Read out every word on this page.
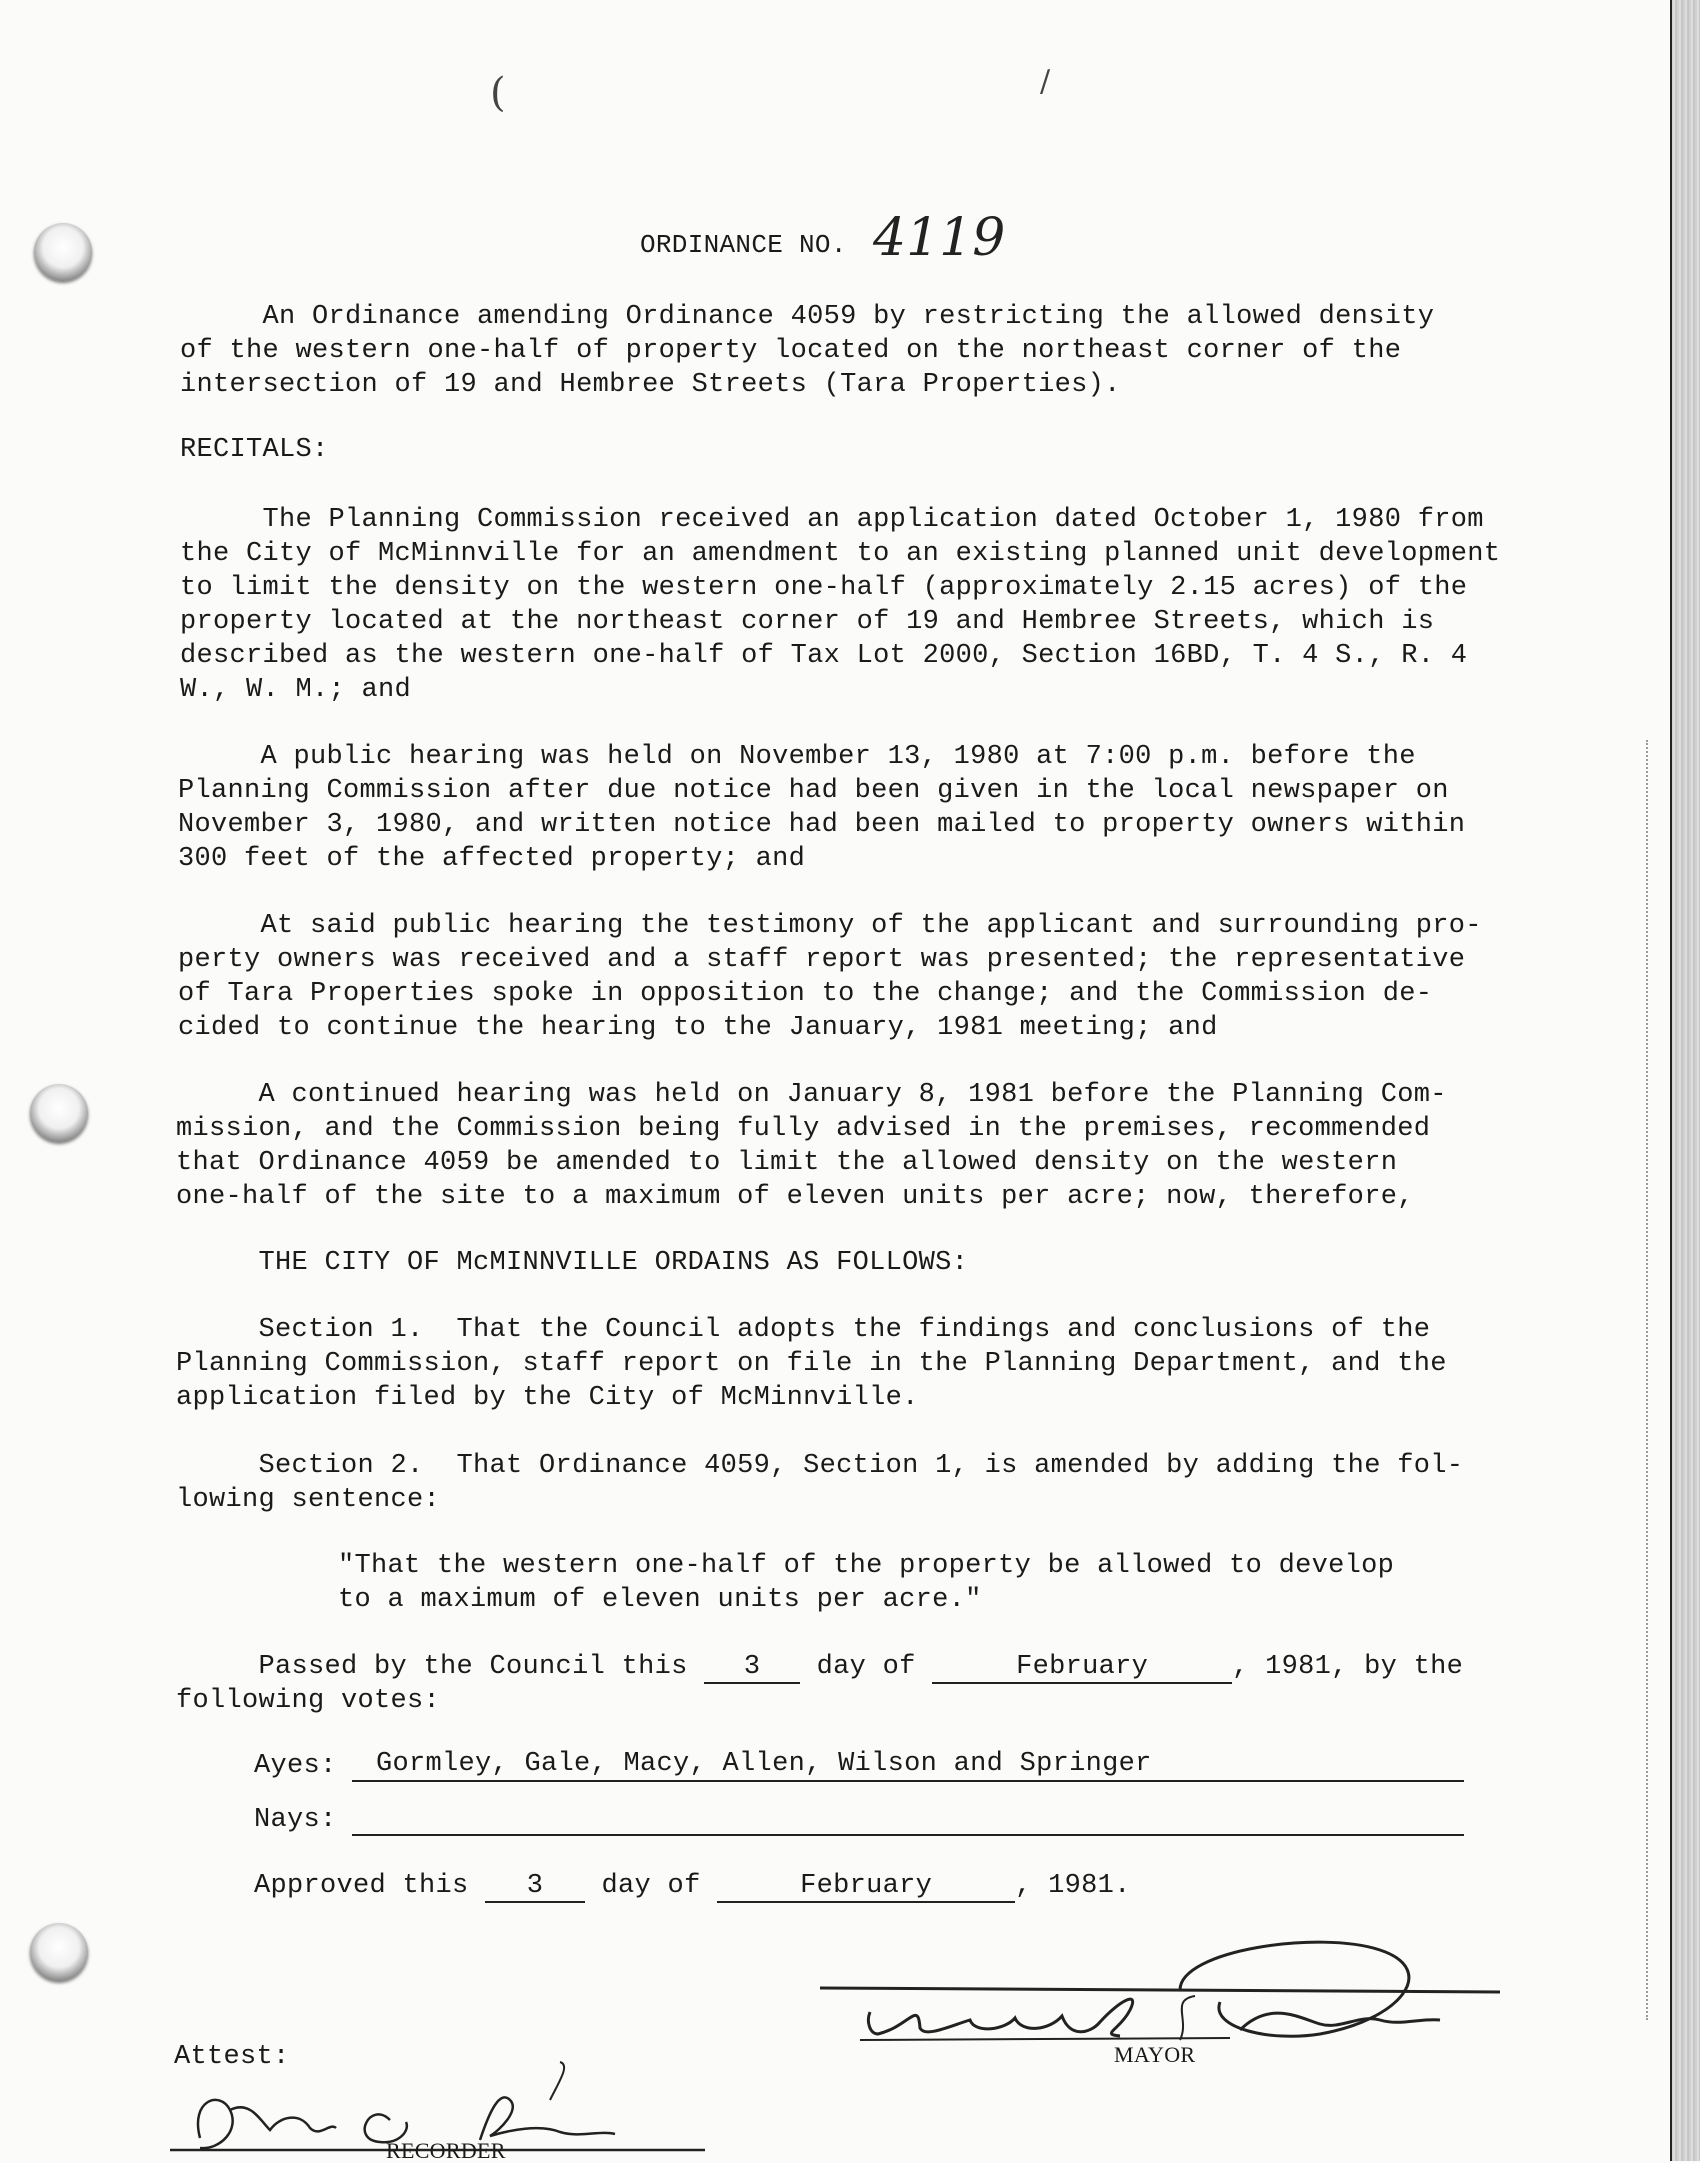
(	/
ORDINANCE NO. 4119
An Ordinance amending Ordinance 4059 by restricting the allowed density
of the western one-half of property located on the northeast corner of the
intersection of 19 and Hembree Streets (Tara Properties).
RECITALS:
The Planning Commission received an application dated October 1, 1980 from
the City of McMinnville for an amendment to an existing planned unit development
to limit the density on the western one-half (approximately 2.15 acres) of the
property located at the northeast corner of 19 and Hembree Streets, which is
described as the western one-half of Tax Lot 2000, Section 16BD, T. 4 S., R. 4
W., W. M.; and
A public hearing was held on November 13, 1980 at 7:00 p.m. before the
Planning Commission after due notice had been given in the local newspaper on
November 3, 1980, and written notice had been mailed to property owners within
300 feet of the affected property; and
At said public hearing the testimony of the applicant and surrounding pro-
perty owners was received and a staff report was presented; the representative
of Tara Properties spoke in opposition to the change; and the Commission de-
cided to continue the hearing to the January, 1981 meeting; and
A continued hearing was held on January 8, 1981 before the Planning Com-
mission, and the Commission being fully advised in the premises, recommended
that Ordinance 4059 be amended to limit the allowed density on the western
one-half of the site to a maximum of eleven units per acre; now, therefore,
THE CITY OF McMINNVILLE ORDAINS AS FOLLOWS:
Section 1.  That the Council adopts the findings and conclusions of the
Planning Commission, staff report on file in the Planning Department, and the
application filed by the City of McMinnville.
Section 2.  That Ordinance 4059, Section 1, is amended by adding the fol-
lowing sentence:
"That the western one-half of the property be allowed to develop
to a maximum of eleven units per acre."
Passed by the Council this 3 day of	February	, 1981, by the
following votes:
Ayes: Gormley, Gale, Macy, Allen, Wilson and Springer
Nays:
Approved this 3 day of	February	, 1981.
MAYOR
Attest:
RECORDER
